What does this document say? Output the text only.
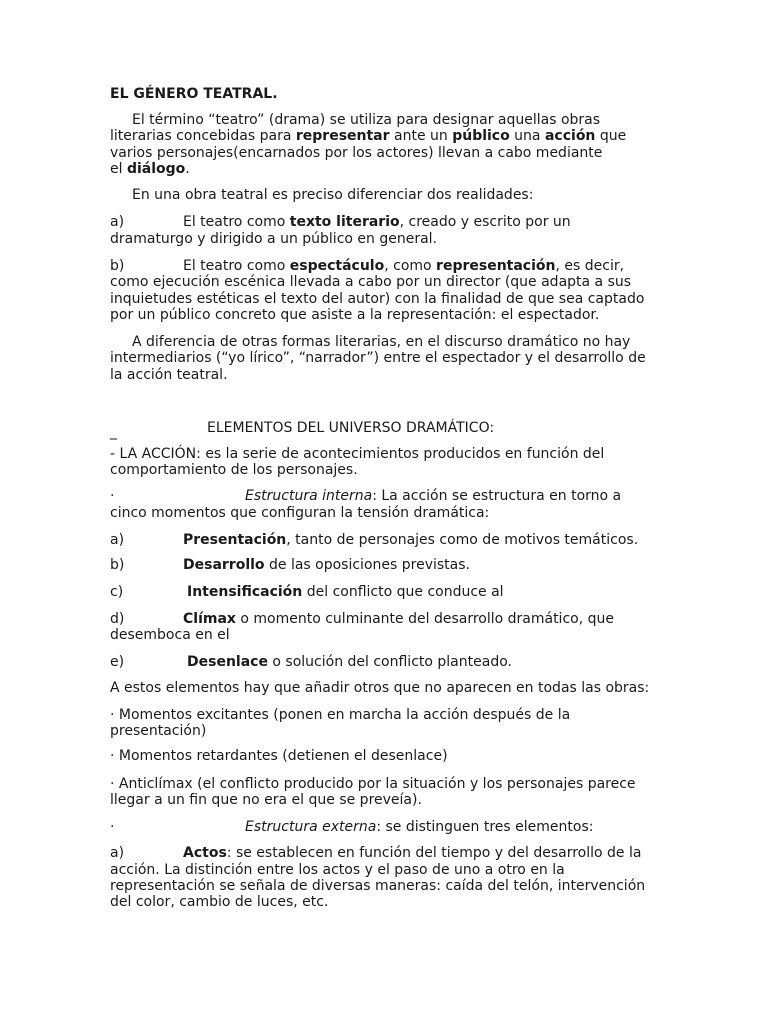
EL GÉNERO TEATRAL.
El término “teatro” (drama) se utiliza para designar aquellas obras
literarias concebidas para representar ante un público una acción que
varios personajes(encarnados por los actores) llevan a cabo mediante
el diálogo.
En una obra teatral es preciso diferenciar dos realidades:
a)	El teatro como texto literario, creado y escrito por un
dramaturgo y dirigido a un público en general.
b)	El teatro como espectáculo, como representación, es decir,
como ejecución escénica llevada a cabo por un director (que adapta a sus
inquietudes estéticas el texto del autor) con la finalidad de que sea captado
por un público concreto que asiste a la representación: el espectador.
A diferencia de otras formas literarias, en el discurso dramático no hay
intermediarios (“yo lírico”, “narrador”) entre el espectador y el desarrollo de
la acción teatral.
_	ELEMENTOS DEL UNIVERSO DRAMÁTICO:
- LA ACCIÓN: es la serie de acontecimientos producidos en función del
comportamiento de los personajes.
·	Estructura interna: La acción se estructura en torno a
cinco momentos que configuran la tensión dramática:
a)	Presentación, tanto de personajes como de motivos temáticos.
b)	Desarrollo de las oposiciones previstas.
c)	Intensificación del conflicto que conduce al
d)	Clímax o momento culminante del desarrollo dramático, que
desemboca en el
e)	Desenlace o solución del conflicto planteado.
A estos elementos hay que añadir otros que no aparecen en todas las obras:
· Momentos excitantes (ponen en marcha la acción después de la
presentación)
· Momentos retardantes (detienen el desenlace)
· Anticlímax (el conflicto producido por la situación y los personajes parece
llegar a un fin que no era el que se preveía).
·	Estructura externa: se distinguen tres elementos:
a)	Actos: se establecen en función del tiempo y del desarrollo de la
acción. La distinción entre los actos y el paso de uno a otro en la
representación se señala de diversas maneras: caída del telón, intervención
del color, cambio de luces, etc.
